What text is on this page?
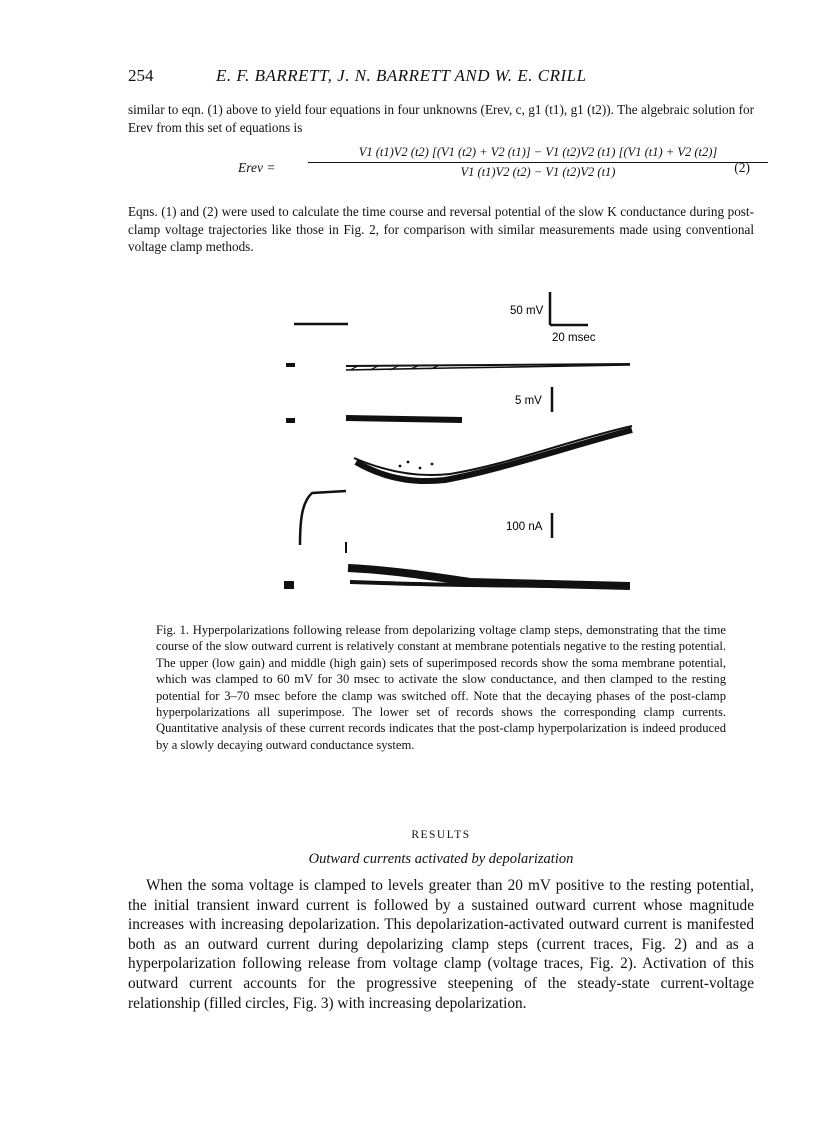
254	E. F. BARRETT, J. N. BARRETT AND W. E. CRILL
similar to eqn. (1) above to yield four equations in four unknowns (Erev, c, g1 (t1), g1 (t2)). The algebraic solution for Erev from this set of equations is
Erev =
V1 (t1)V2 (t2) [(V1 (t2) + V2 (t1)] − V1 (t2)V2 (t1) [(V1 (t1) + V2 (t2)]
V1 (t1)V2 (t2) − V1 (t2)V2 (t1)	(2)
Eqns. (1) and (2) were used to calculate the time course and reversal potential of the slow K conductance during post-clamp voltage trajectories like those in Fig. 2, for comparison with similar measurements made using conventional voltage clamp methods.
50 mV
20 msec
5 mV
100 nA
Fig. 1. Hyperpolarizations following release from depolarizing voltage clamp steps, demonstrating that the time course of the slow outward current is relatively constant at membrane potentials negative to the resting potential. The upper (low gain) and middle (high gain) sets of superimposed records show the soma membrane potential, which was clamped to 60 mV for 30 msec to activate the slow conductance, and then clamped to the resting potential for 3–70 msec before the clamp was switched off. Note that the decaying phases of the post-clamp hyperpolarizations all superimpose. The lower set of records shows the corresponding clamp currents. Quantitative analysis of these current records indicates that the post-clamp hyperpolarization is indeed produced by a slowly decaying outward conductance system.
RESULTS
Outward currents activated by depolarization
When the soma voltage is clamped to levels greater than 20 mV positive to the resting potential, the initial transient inward current is followed by a sustained outward current whose magnitude increases with increasing depolarization. This depolarization-activated outward current is manifested both as an outward current during depolarizing clamp steps (current traces, Fig. 2) and as a hyperpolarization following release from voltage clamp (voltage traces, Fig. 2). Activation of this outward current accounts for the progressive steepening of the steady-state current-voltage relationship (filled circles, Fig. 3) with increasing depolarization.
